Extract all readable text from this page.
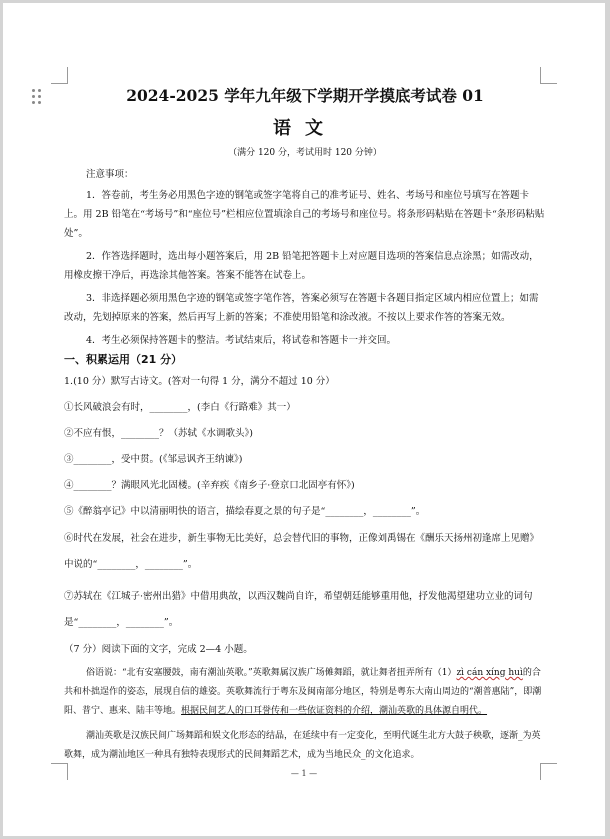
2024-2025 学年九年级下学期开学摸底考试卷 01
语文
（满分 120 分，考试用时 120 分钟）

注意事项：

1．答卷前，考生务必用黑色字迹的钢笔或签字笔将自己的准考证号、姓名、考场号和座位号填写在答题卡上。用 2B 铅笔在“考场号”和“座位号”栏相应位置填涂自己的考场号和座位号。将条形码粘贴在答题卡“条形码粘贴处”。

2．作答选择题时，选出每小题答案后，用 2B 铅笔把答题卡上对应题目选项的答案信息点涂黑；如需改动，用橡皮擦干净后，再选涂其他答案。答案不能答在试卷上。

3．非选择题必须用黑色字迹的钢笔或签字笔作答，答案必须写在答题卡各题目指定区域内相应位置上；如需改动，先划掉原来的答案，然后再写上新的答案；不准使用铅笔和涂改液。不按以上要求作答的答案无效。

4．考生必须保持答题卡的整洁。考试结束后，将试卷和答题卡一并交回。

一、积累运用（21 分）

1.(10 分）默写古诗文。(答对一句得 1 分，满分不超过 10 分）

①长风破浪会有时，________，(李白《行路难》其一）

②不应有恨，________？（苏轼《水调歌头》)

③________，受中贯。(《邹忌讽齐王纳谏》)

④________？满眼风光北固楼。(辛弃疾《南乡子·登京口北固亭有怀》)

⑤《醉翁亭记》中以清丽明快的语言，描绘春夏之景的句子是“________，________”。

⑥时代在发展，社会在进步，新生事物无比美好，总会替代旧的事物，正像刘禹锡在《酬乐天扬州初逢席上见赠》中说的“________，________”。

⑦苏轼在《江城子·密州出猎》中借用典故，以西汉魏尚自许，希望朝廷能够重用他，抒发他渴望建功立业的词句是“________，________”。

（7 分）阅读下面的文字，完成 2—4 小题。

俗语说：“北有安塞腰鼓，南有潮汕英歌。”英歌舞属汉族广场傩舞蹈，就让舞者扭弄所有（1）zì cán xíng huì的合共和朴拙逞作的姿态，展现自信的雄姿。英歌舞流行于粤东及闽南部分地区，特别是粤东大南山周边的“潮普惠陆”，即潮阳、普宁、惠来、陆丰等地。根据民间艺人的口耳誉传和一些依证资料的介绍，潮汕英歌的具体源自明代。

潮汕英歌是汉族民间广场舞蹈和娱文化形态的结晶，在延续中有一定变化，至明代诞生北方大鼓子秧歌，逐渐_为英歌舞，成为潮汕地区一种具有独特表现形式的民间舞蹈艺术，成为当地民众_的文化追求。

— 1 —
